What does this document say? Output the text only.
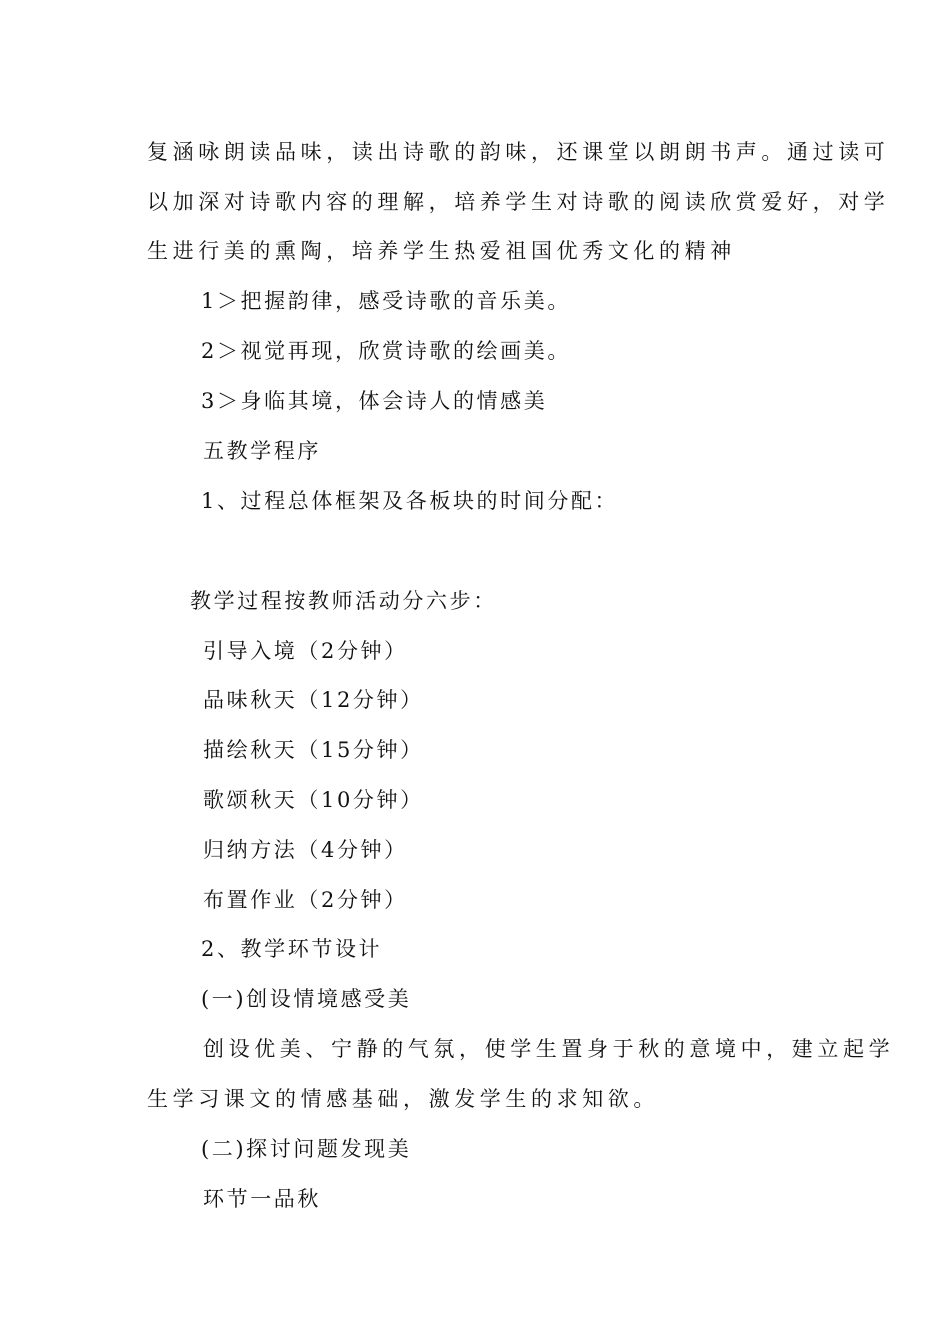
复涵咏朗读品味，读出诗歌的韵味，还课堂以朗朗书声。通过读可
以加深对诗歌内容的理解，培养学生对诗歌的阅读欣赏爱好，对学
生进行美的熏陶，培养学生热爱祖国优秀文化的精神
1＞把握韵律，感受诗歌的音乐美。
2＞视觉再现，欣赏诗歌的绘画美。
3＞身临其境，体会诗人的情感美
五教学程序
1、过程总体框架及各板块的时间分配：
教学过程按教师活动分六步：
引导入境（2分钟）
品味秋天（12分钟）
描绘秋天（15分钟）
歌颂秋天（10分钟）
归纳方法（4分钟）
布置作业（2分钟）
2、教学环节设计
(一)创设情境感受美
创设优美、宁静的气氛，使学生置身于秋的意境中，建立起学
生学习课文的情感基础，激发学生的求知欲。
(二)探讨问题发现美
环节一品秋
